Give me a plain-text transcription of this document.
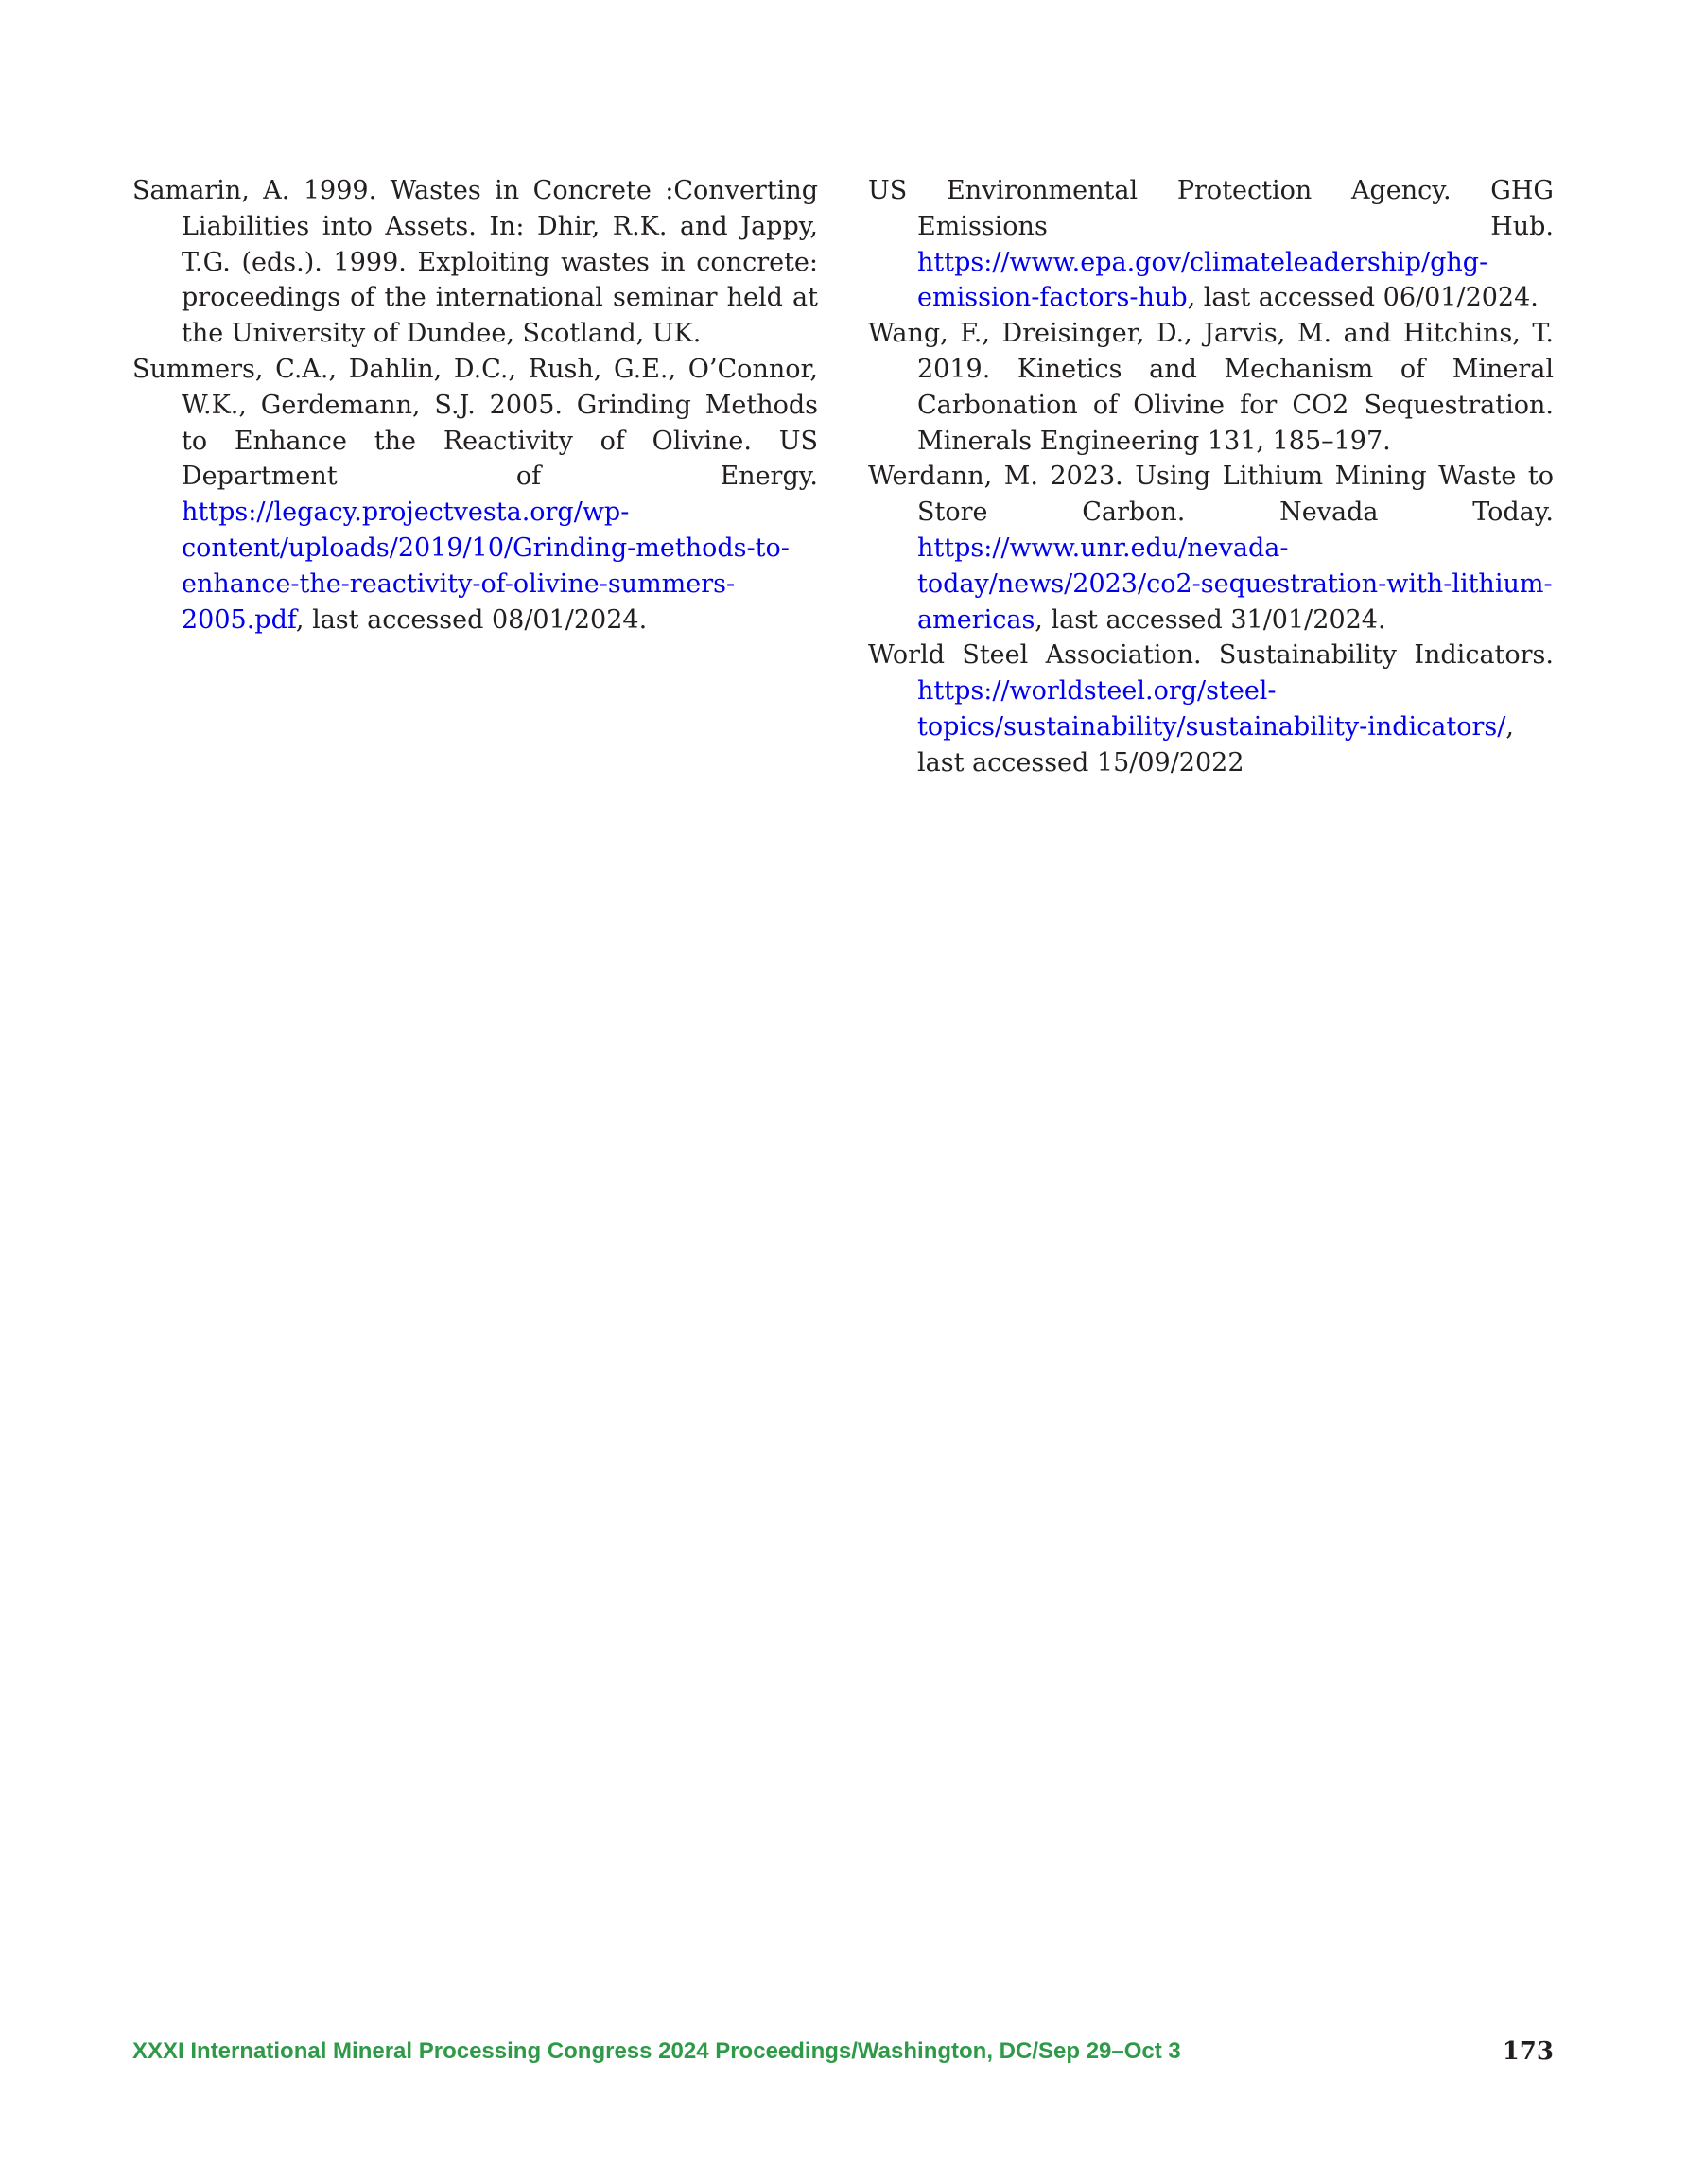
Samarin, A. 1999. Wastes in Concrete :Converting Liabilities into Assets. In: Dhir, R.K. and Jappy, T.G. (eds.). 1999. Exploiting wastes in concrete: proceedings of the international seminar held at the University of Dundee, Scotland, UK.

Summers, C.A., Dahlin, D.C., Rush, G.E., O’Connor, W.K., Gerdemann, S.J. 2005. Grinding Methods to Enhance the Reactivity of Olivine. US Department of Energy. https://legacy.projectvesta.org/wp-content/uploads/2019/10/Grinding-methods-to-enhance-the-reactivity-of-olivine-summers-2005.pdf, last accessed 08/01/2024.

US Environmental Protection Agency. GHG Emissions Hub. https://www.epa.gov/climateleadership/ghg-emission-factors-hub, last accessed 06/01/2024.

Wang, F., Dreisinger, D., Jarvis, M. and Hitchins, T. 2019. Kinetics and Mechanism of Mineral Carbonation of Olivine for CO2 Sequestration. Minerals Engineering 131, 185–197.

Werdann, M. 2023. Using Lithium Mining Waste to Store Carbon. Nevada Today. https://www.unr.edu/nevada-today/news/2023/co2-sequestration-with-lithium-americas, last accessed 31/01/2024.

World Steel Association. Sustainability Indicators. https://worldsteel.org/steel-topics/sustainability/sustainability-indicators/, last accessed 15/09/2022

XXXI International Mineral Processing Congress 2024 Proceedings/Washington, DC/Sep 29–Oct 3	173
